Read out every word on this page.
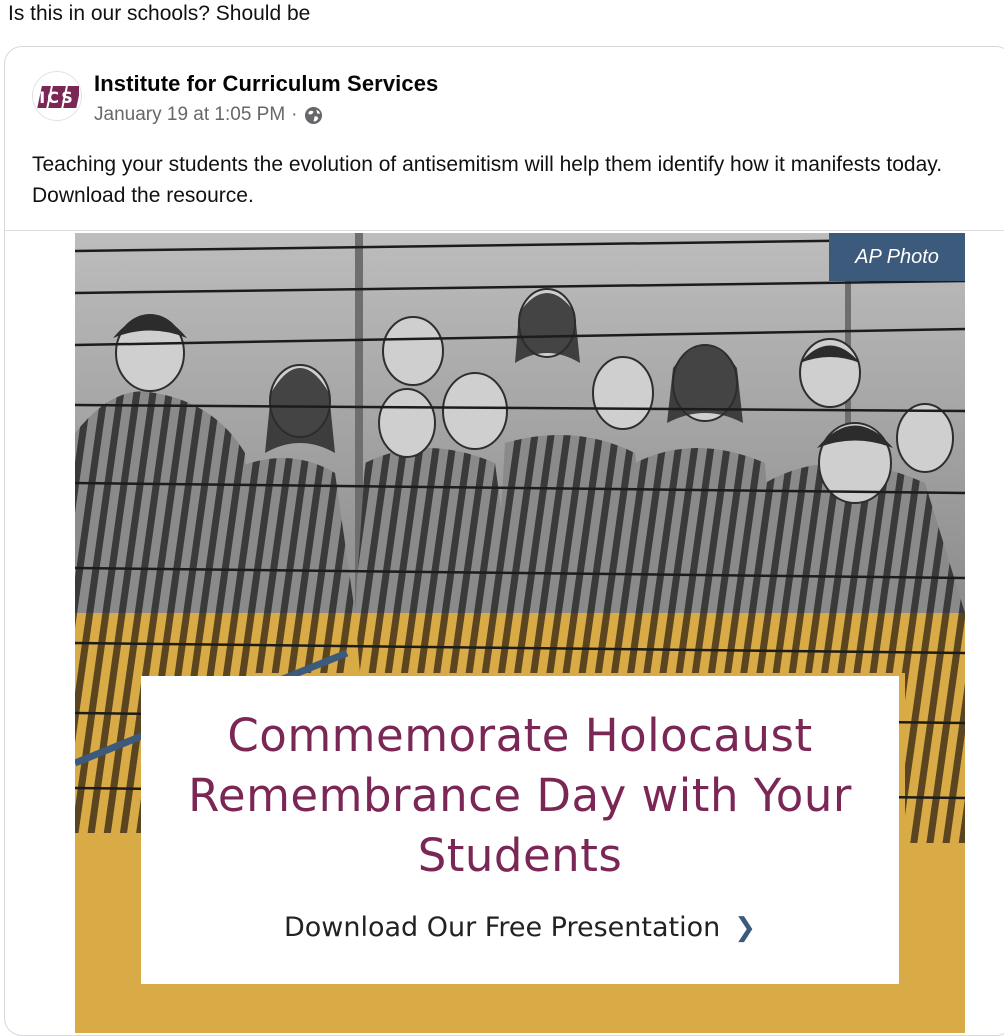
Is this in our schools? Should be
ICS
Institute for Curriculum Services
January 19 at 1:05 PM ·
Teaching your students the evolution of antisemitism will help them identify how it manifests today. Download the resource.
AP Photo
Commemorate Holocaust Remembrance Day with Your Students
Download Our Free Presentation ❯
